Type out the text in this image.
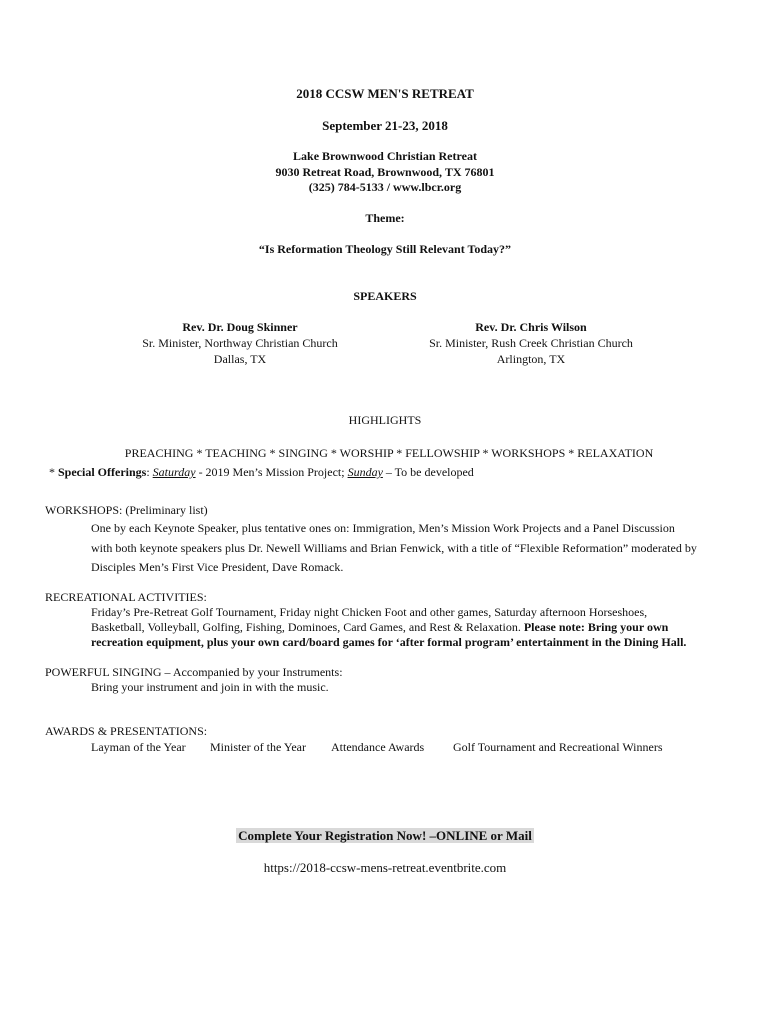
2018 CCSW MEN'S RETREAT
September 21-23, 2018
Lake Brownwood Christian Retreat
9030 Retreat Road, Brownwood, TX 76801
(325) 784-5133 / www.lbcr.org
Theme:
“Is Reformation Theology Still Relevant Today?”
SPEAKERS
Rev. Dr. Doug Skinner
Sr. Minister, Northway Christian Church
Dallas, TX
Rev. Dr. Chris Wilson
Sr. Minister, Rush Creek Christian Church
Arlington, TX
HIGHLIGHTS
PREACHING * TEACHING * SINGING * WORSHIP * FELLOWSHIP * WORKSHOPS * RELAXATION
* Special Offerings: Saturday - 2019 Men’s Mission Project; Sunday – To be developed
WORKSHOPS: (Preliminary list)
One by each Keynote Speaker, plus tentative ones on: Immigration, Men’s Mission Work Projects and a Panel Discussion
with both keynote speakers plus Dr. Newell Williams and Brian Fenwick, with a title of “Flexible Reformation” moderated by
Disciples Men’s First Vice President, Dave Romack.
RECREATIONAL ACTIVITIES:
Friday’s Pre-Retreat Golf Tournament, Friday night Chicken Foot and other games, Saturday afternoon Horseshoes,
Basketball, Volleyball, Golfing, Fishing, Dominoes, Card Games, and Rest & Relaxation. Please note: Bring your own
recreation equipment, plus your own card/board games for ‘after formal program’ entertainment in the Dining Hall.
POWERFUL SINGING – Accompanied by your Instruments:
Bring your instrument and join in with the music.
AWARDS & PRESENTATIONS:
Layman of the Year Minister of the Year Attendance Awards Golf Tournament and Recreational Winners
Complete Your Registration Now! –ONLINE or Mail
https://2018-ccsw-mens-retreat.eventbrite.com
